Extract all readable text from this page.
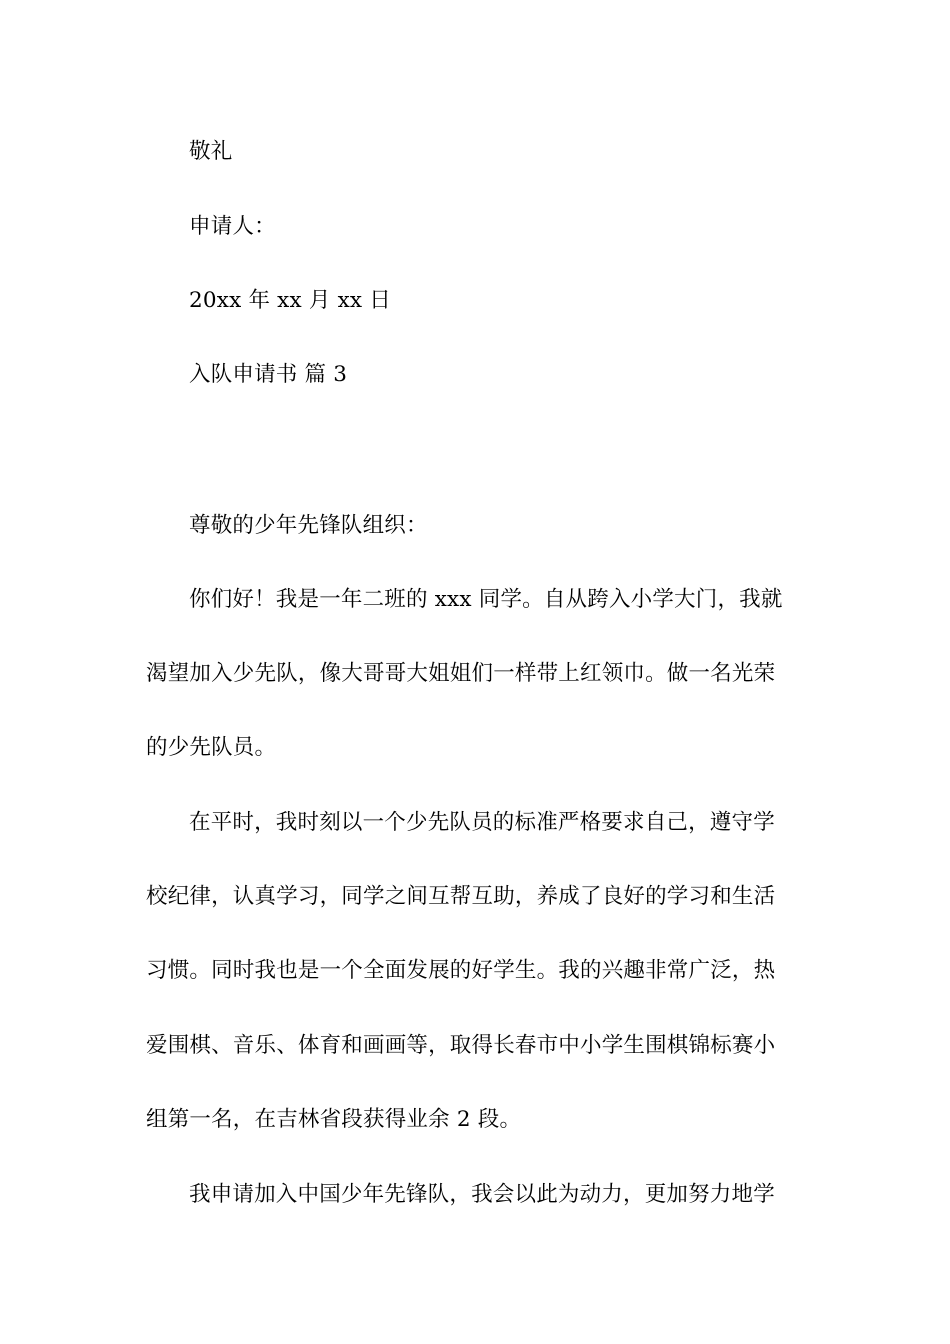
敬礼
申请人：
20xx 年 xx 月 xx 日
入队申请书 篇 3
尊敬的少年先锋队组织：
你们好！我是一年二班的 xxx 同学。自从跨入小学大门，我就
渴望加入少先队，像大哥哥大姐姐们一样带上红领巾。做一名光荣
的少先队员。
在平时，我时刻以一个少先队员的标准严格要求自己，遵守学
校纪律，认真学习，同学之间互帮互助，养成了良好的学习和生活
习惯。同时我也是一个全面发展的好学生。我的兴趣非常广泛，热
爱围棋、音乐、体育和画画等，取得长春市中小学生围棋锦标赛小
组第一名，在吉林省段获得业余 2 段。
我申请加入中国少年先锋队，我会以此为动力，更加努力地学
